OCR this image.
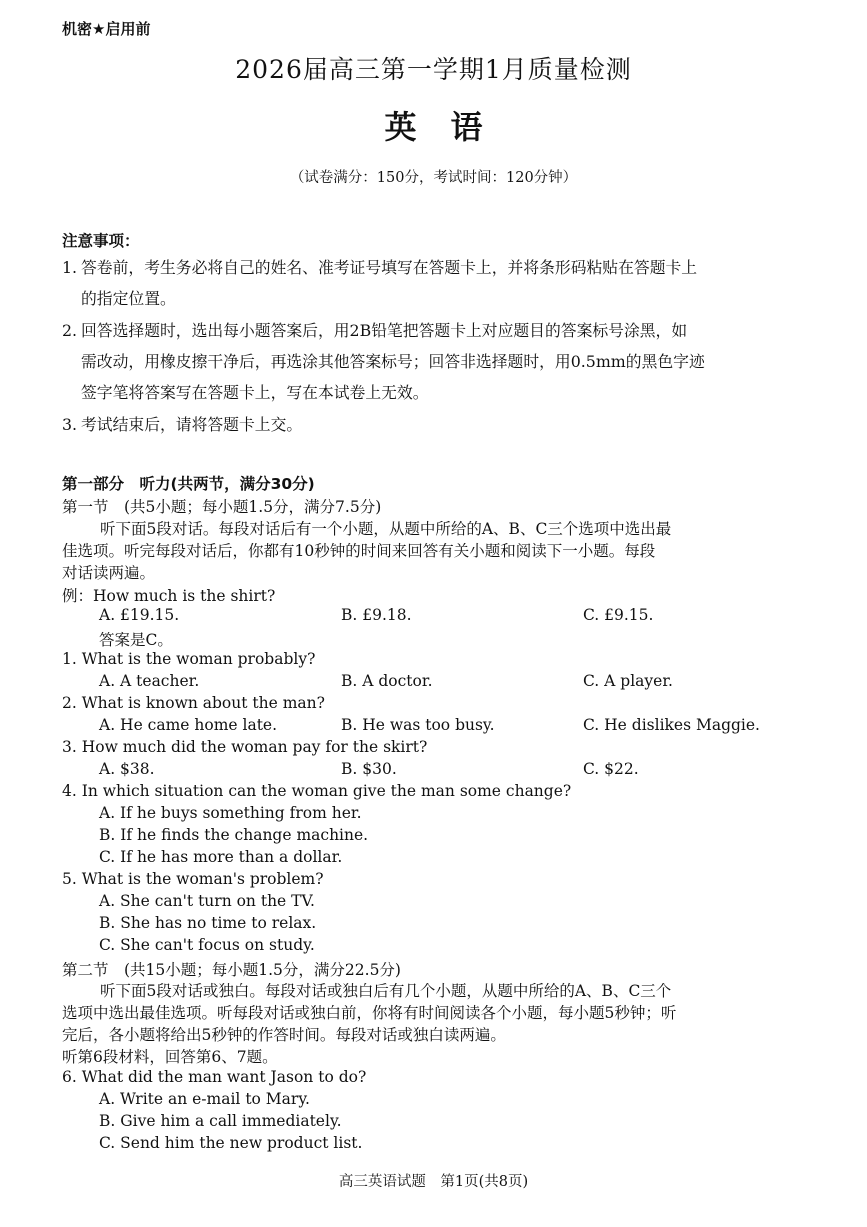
机密★启用前
2026届高三第一学期1月质量检测
英语
（试卷满分：150分，考试时间：120分钟）
注意事项：
1. 答卷前，考生务必将自己的姓名、准考证号填写在答题卡上，并将条形码粘贴在答题卡上
的指定位置。
2. 回答选择题时，选出每小题答案后，用2B铅笔把答题卡上对应题目的答案标号涂黑，如
需改动，用橡皮擦干净后，再选涂其他答案标号；回答非选择题时，用0.5mm的黑色字迹
签字笔将答案写在答题卡上，写在本试卷上无效。
3. 考试结束后，请将答题卡上交。
第一部分　听力(共两节，满分30分)
第一节　(共5小题；每小题1.5分，满分7.5分)
听下面5段对话。每段对话后有一个小题，从题中所给的A、B、C三个选项中选出最
佳选项。听完每段对话后，你都有10秒钟的时间来回答有关小题和阅读下一小题。每段
对话读两遍。
例：How much is the shirt?
A. £19.15.	B. £9.18.	C. £9.15.
答案是C。
1. What is the woman probably?
A. A teacher.	B. A doctor.	C. A player.
2. What is known about the man?
A. He came home late.	B. He was too busy.	C. He dislikes Maggie.
3. How much did the woman pay for the skirt?
A. $38.	B. $30.	C. $22.
4. In which situation can the woman give the man some change?
A. If he buys something from her.
B. If he finds the change machine.
C. If he has more than a dollar.
5. What is the woman's problem?
A. She can't turn on the TV.
B. She has no time to relax.
C. She can't focus on study.
第二节　(共15小题；每小题1.5分，满分22.5分)
听下面5段对话或独白。每段对话或独白后有几个小题，从题中所给的A、B、C三个
选项中选出最佳选项。听每段对话或独白前，你将有时间阅读各个小题，每小题5秒钟；听
完后，各小题将给出5秒钟的作答时间。每段对话或独白读两遍。
听第6段材料，回答第6、7题。
6. What did the man want Jason to do?
A. Write an e-mail to Mary.
B. Give him a call immediately.
C. Send him the new product list.
高三英语试题　第1页(共8页)
